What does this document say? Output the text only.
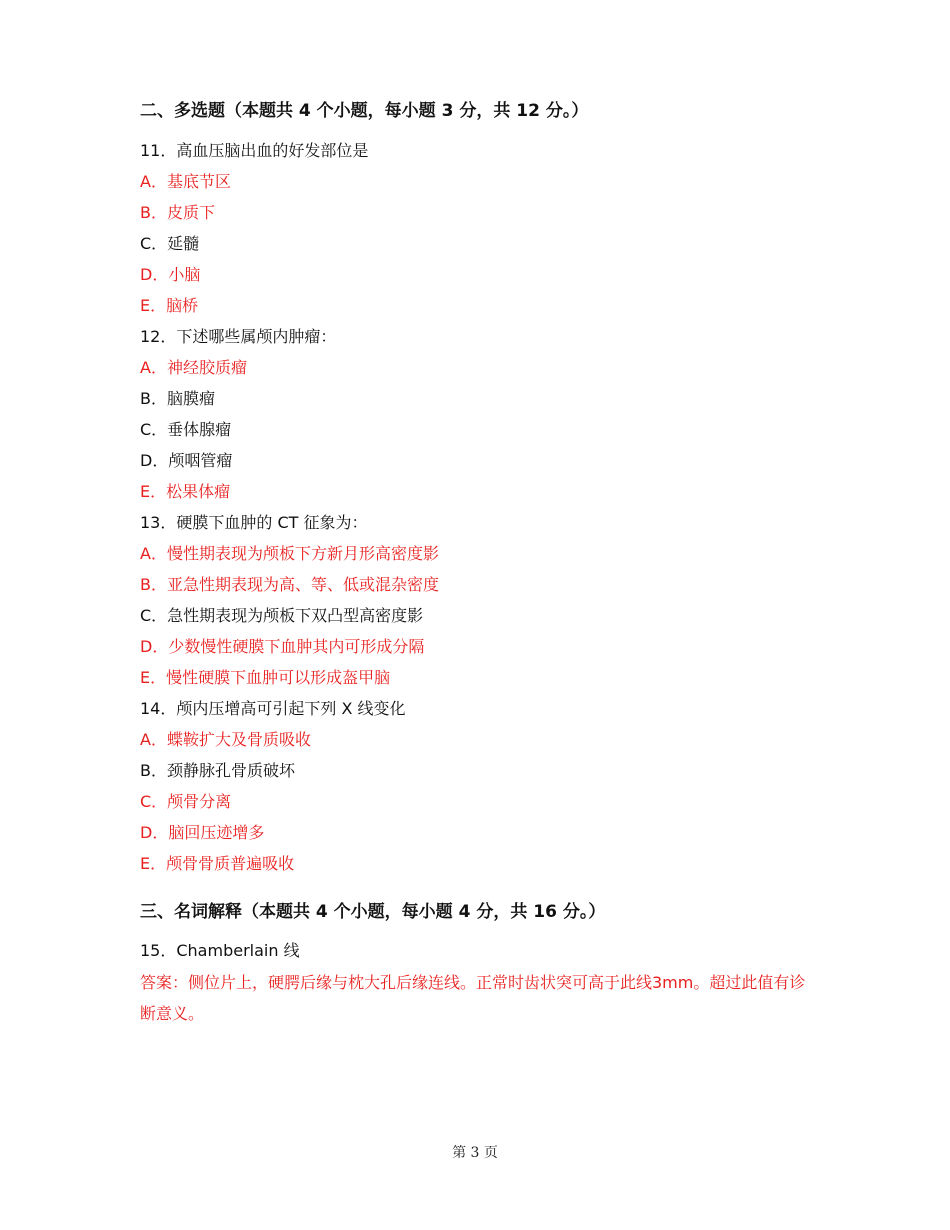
二、多选题（本题共 4 个小题，每小题 3 分，共 12 分。）
11．高血压脑出血的好发部位是
A．基底节区
B．皮质下
C．延髓
D．小脑
E．脑桥
12．下述哪些属颅内肿瘤：
A．神经胶质瘤
B．脑膜瘤
C．垂体腺瘤
D．颅咽管瘤
E．松果体瘤
13．硬膜下血肿的 CT 征象为：
A．慢性期表现为颅板下方新月形高密度影
B．亚急性期表现为高、等、低或混杂密度
C．急性期表现为颅板下双凸型高密度影
D．少数慢性硬膜下血肿其内可形成分隔
E．慢性硬膜下血肿可以形成盔甲脑
14．颅内压增高可引起下列 X 线变化
A．蝶鞍扩大及骨质吸收
B．颈静脉孔骨质破坏
C．颅骨分离
D．脑回压迹增多
E．颅骨骨质普遍吸收
三、名词解释（本题共 4 个小题，每小题 4 分，共 16 分。）
15．Chamberlain 线
答案：侧位片上，硬腭后缘与枕大孔后缘连线。正常时齿状突可高于此线3mm。超过此值有诊断意义。
第 3 页
